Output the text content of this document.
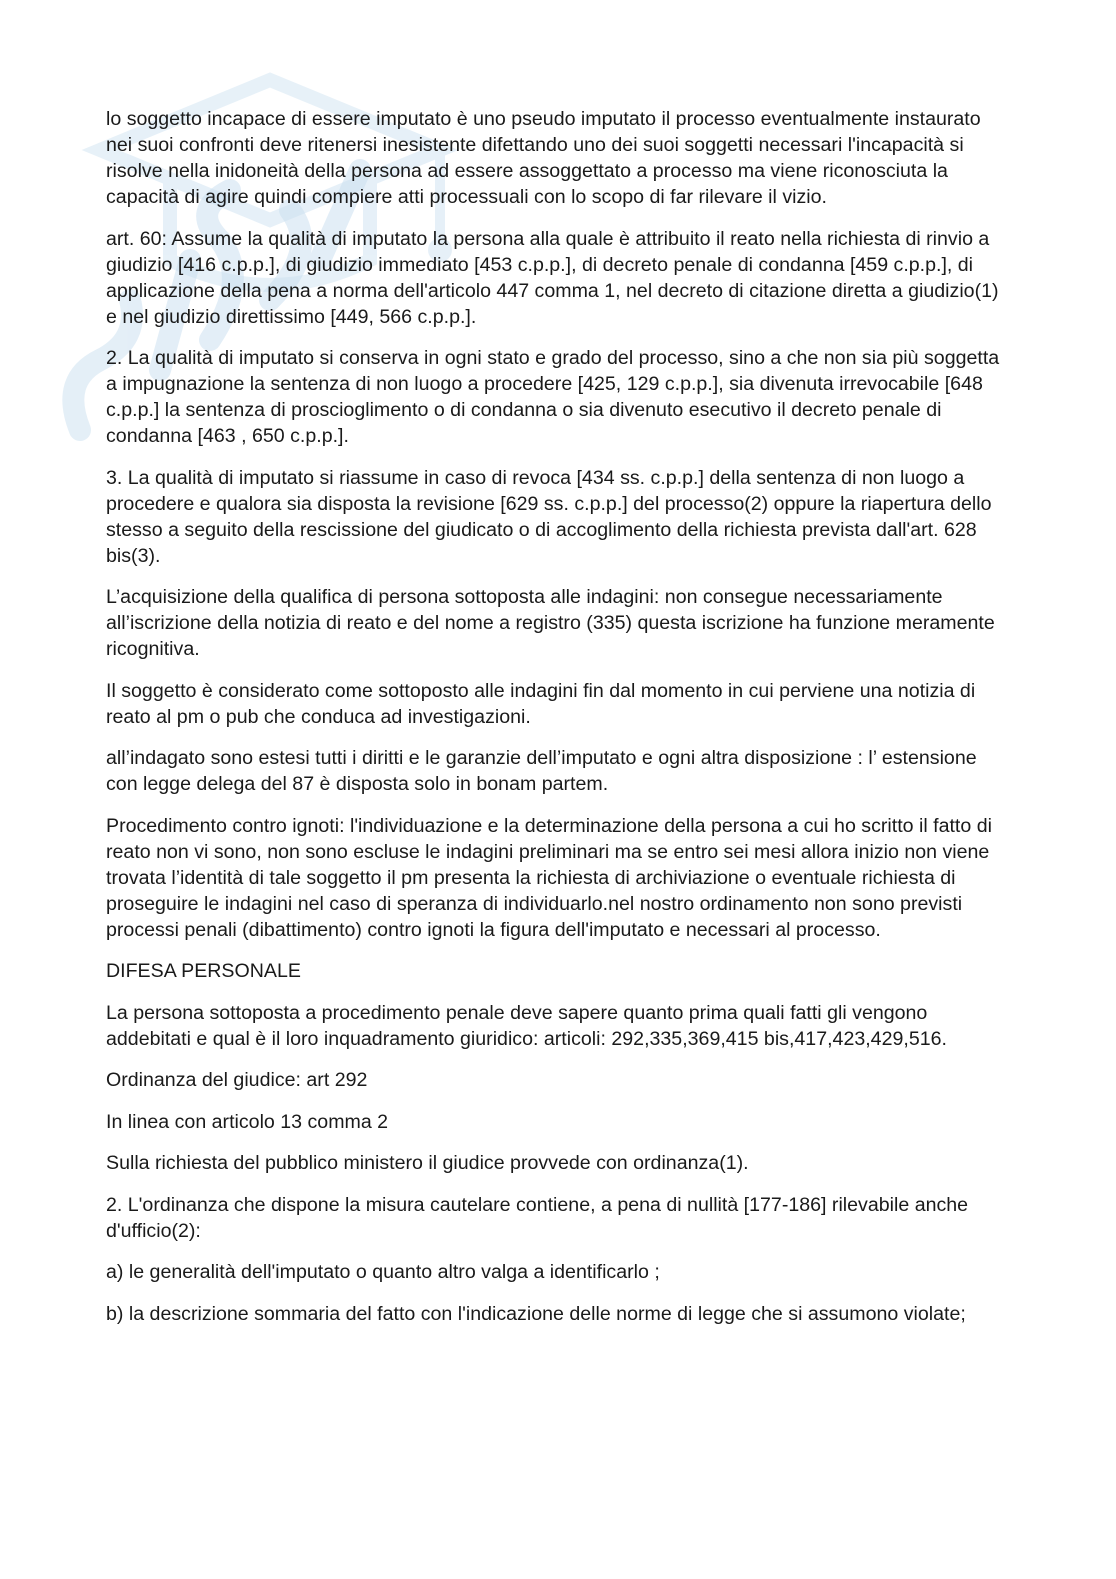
lo soggetto incapace di essere imputato è uno pseudo imputato il processo eventualmente instaurato nei suoi confronti deve ritenersi inesistente difettando uno dei suoi soggetti necessari l'incapacità si risolve nella inidoneità della persona ad essere assoggettato a processo ma viene riconosciuta la capacità di agire quindi compiere atti processuali con lo scopo di far rilevare il vizio.

art. 60: Assume la qualità di imputato la persona alla quale è attribuito il reato nella richiesta di rinvio a giudizio [416 c.p.p.], di giudizio immediato [453 c.p.p.], di decreto penale di condanna [459 c.p.p.], di applicazione della pena a norma dell'articolo 447 comma 1, nel decreto di citazione diretta a giudizio(1) e nel giudizio direttissimo [449, 566 c.p.p.].

2. La qualità di imputato si conserva in ogni stato e grado del processo, sino a che non sia più soggetta a impugnazione la sentenza di non luogo a procedere [425, 129 c.p.p.], sia divenuta irrevocabile [648 c.p.p.] la sentenza di proscioglimento o di condanna o sia divenuto esecutivo il decreto penale di condanna [463 , 650 c.p.p.].

3. La qualità di imputato si riassume in caso di revoca [434 ss. c.p.p.] della sentenza di non luogo a procedere e qualora sia disposta la revisione [629 ss. c.p.p.] del processo(2) oppure la riapertura dello stesso a seguito della rescissione del giudicato o di accoglimento della richiesta prevista dall'art. 628 bis(3).

L’acquisizione della qualifica di persona sottoposta alle indagini: non consegue necessariamente all’iscrizione della notizia di reato e del nome a registro (335) questa iscrizione ha funzione meramente ricognitiva.

Il soggetto è considerato come sottoposto alle indagini fin dal momento in cui perviene una notizia di reato al pm o pub che conduca ad investigazioni.

all’indagato sono estesi tutti i diritti e le garanzie dell’imputato e ogni altra disposizione : l’ estensione con legge delega del 87 è disposta solo in bonam partem.

Procedimento contro ignoti: l'individuazione e la determinazione della persona a cui ho scritto il fatto di reato non vi sono, non sono escluse le indagini preliminari ma se entro sei mesi allora inizio non viene trovata l’identità di tale soggetto il pm presenta la richiesta di archiviazione o eventuale richiesta di proseguire le indagini nel caso di speranza di individuarlo.nel nostro ordinamento non sono previsti processi penali (dibattimento) contro ignoti la figura dell'imputato e necessari al processo.

DIFESA PERSONALE

La persona sottoposta a procedimento penale deve sapere quanto prima quali fatti gli vengono addebitati e qual è il loro inquadramento giuridico: articoli: 292,335,369,415 bis,417,423,429,516.

Ordinanza del giudice: art 292

In linea con articolo 13 comma 2

Sulla richiesta del pubblico ministero il giudice provvede con ordinanza(1).

2. L'ordinanza che dispone la misura cautelare contiene, a pena di nullità [177-186] rilevabile anche d'ufficio(2):

a) le generalità dell'imputato o quanto altro valga a identificarlo ;

b) la descrizione sommaria del fatto con l'indicazione delle norme di legge che si assumono violate;
